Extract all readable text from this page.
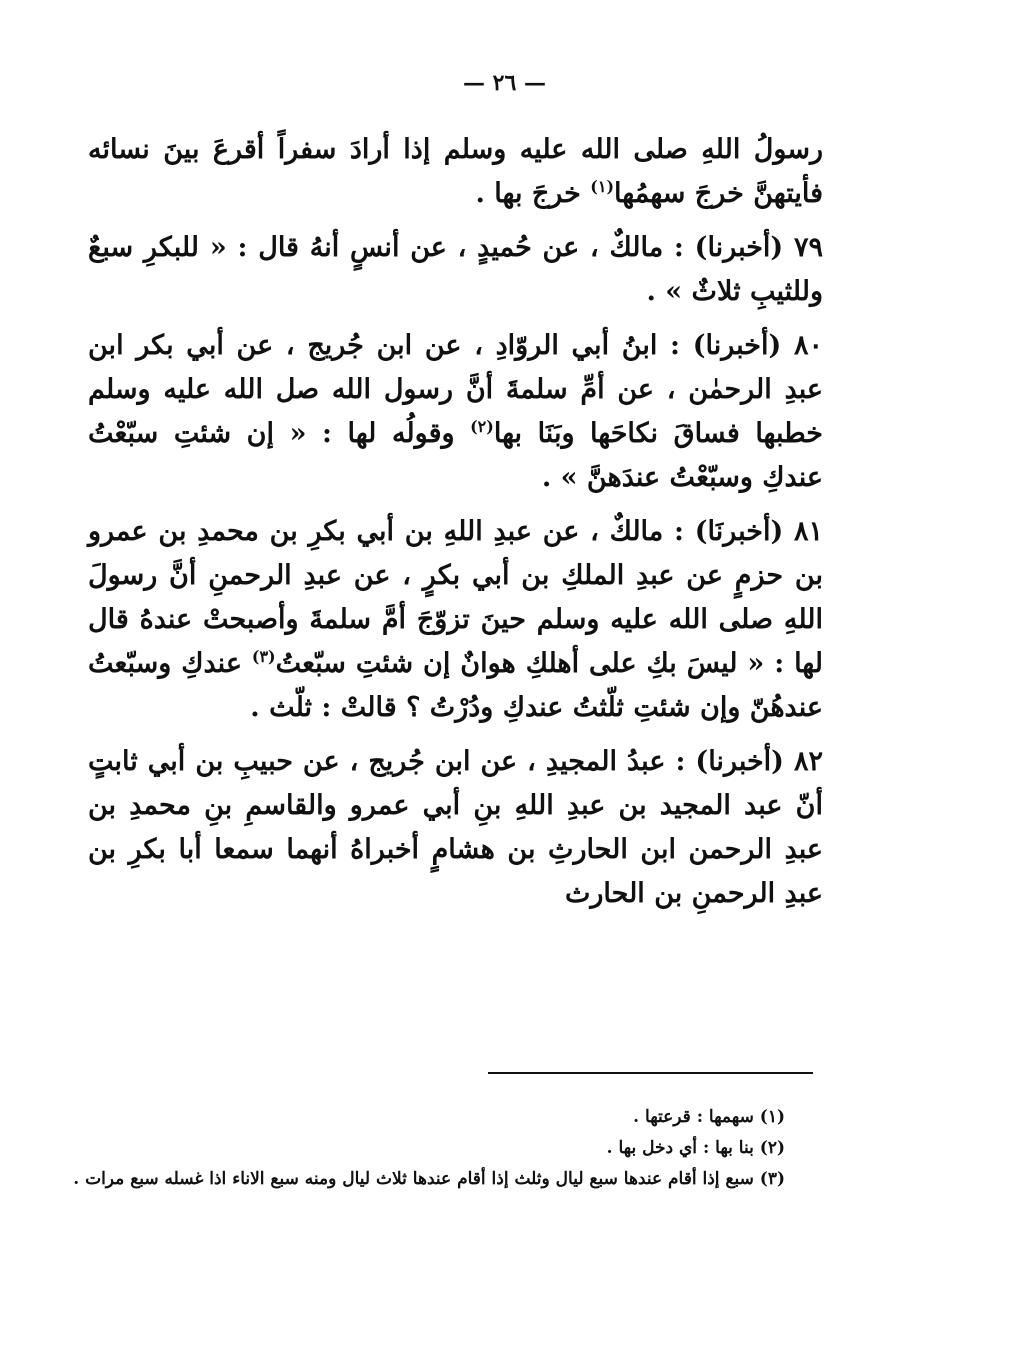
— ٢٦ —

رسولُ اللهِ صلى الله عليه وسلم إذا أرادَ سفراً أقرعَ بينَ نسائه فأيتهنَّ خرجَ سهمُها$^{(١)}$ خرجَ بها .

٧٩ (أخبرنا) : مالكٌ ، عن حُميدٍ ، عن أنسٍ أنهُ قال : « للبكرِ سبعٌ وللثيبِ ثلاثٌ » .

٨٠ (أخبرنا) : ابنُ أبي الروّادِ ، عن ابن جُريج ، عن أبي بكر ابن عبدِ الرحمٰن ، عن أمِّ سلمةَ أنَّ رسول الله صل الله عليه وسلم خطبها فساقَ نكاحَها وبَنَا بها$^{(٢)}$ وقولُه لها : « إن شئتِ سبّعْتُ عندكِ وسبّعْتُ عندَهنَّ » .

٨١ (أخبرنَا) : مالكٌ ، عن عبدِ اللهِ بن أبي بكرِ بن محمدِ بن عمرو بن حزمٍ عن عبدِ الملكِ بن أبي بكرٍ ، عن عبدِ الرحمنِ أنَّ رسولَ اللهِ صلى الله عليه وسلم حينَ تزوّجَ أمَّ سلمةَ وأصبحتْ عندهُ قال لها : « ليسَ بكِ على أهلكِ هوانٌ إن شئتِ سبّعتُ$^{(٣)}$ عندكِ وسبّعتُ عندهُنّ وإن شئتِ ثلّثتُ عندكِ ودُرْتُ ؟ قالتْ : ثلّث .

٨٢ (أخبرنا) : عبدُ المجيدِ ، عن ابن جُريج ، عن حبيبِ بن أبي ثابتٍ أنّ عبد المجيد بن عبدِ اللهِ بنِ أبي عمرو والقاسمِ بنِ محمدِ بن عبدِ الرحمن ابن الحارثِ بن هشامٍ أخبراهُ أنهما سمعا أبا بكرِ بن عبدِ الرحمنِ بن الحارث

(١) سهمها : قرعتها .

(٢) بنا بها : أي دخل بها .

(٣) سبع إذا أقام عندها سبع ليال وثلث إذا أقام عندها ثلاث ليال ومنه سبع الاناء اذا غسله سبع مرات .
